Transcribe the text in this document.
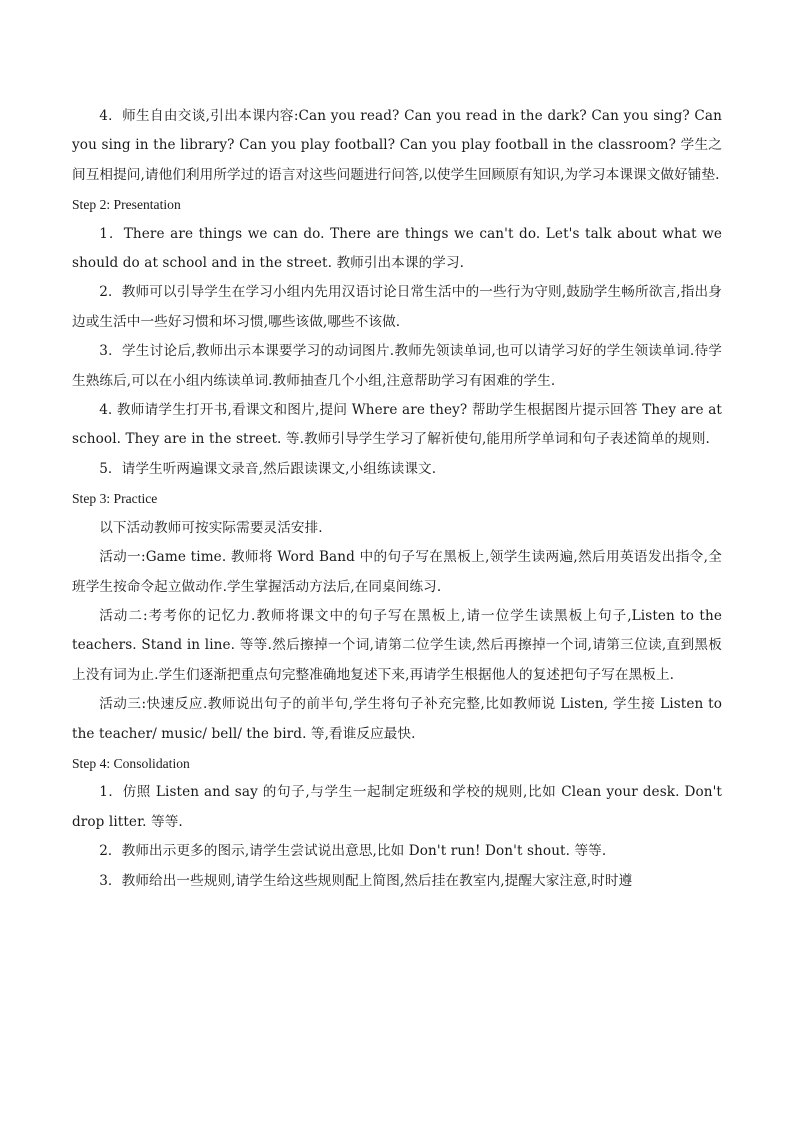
4．师生自由交谈,引出本课内容:Can you read? Can you read in the dark? Can you sing? Can you sing in the library? Can you play football? Can you play football in the classroom? 学生之间互相提问,请他们利用所学过的语言对这些问题进行问答,以使学生回顾原有知识,为学习本课课文做好铺垫.

Step 2: Presentation

1．There are things we can do. There are things we can't do. Let's talk about what we should do at school and in the street. 教师引出本课的学习.

2．教师可以引导学生在学习小组内先用汉语讨论日常生活中的一些行为守则,鼓励学生畅所欲言,指出身边或生活中一些好习惯和坏习惯,哪些该做,哪些不该做.

3．学生讨论后,教师出示本课要学习的动词图片.教师先领读单词,也可以请学习好的学生领读单词.待学生熟练后,可以在小组内练读单词.教师抽查几个小组,注意帮助学习有困难的学生.

4. 教师请学生打开书,看课文和图片,提问 Where are they? 帮助学生根据图片提示回答 They are at school. They are in the street. 等.教师引导学生学习了解祈使句,能用所学单词和句子表述简单的规则.

5．请学生听两遍课文录音,然后跟读课文,小组练读课文.

Step 3: Practice

以下活动教师可按实际需要灵活安排.

活动一:Game time. 教师将 Word Band 中的句子写在黑板上,领学生读两遍,然后用英语发出指令,全班学生按命令起立做动作.学生掌握活动方法后,在同桌间练习.

活动二:考考你的记忆力.教师将课文中的句子写在黑板上,请一位学生读黑板上句子,Listen to the teachers. Stand in line. 等等.然后擦掉一个词,请第二位学生读,然后再擦掉一个词,请第三位读,直到黑板上没有词为止.学生们逐渐把重点句完整准确地复述下来,再请学生根据他人的复述把句子写在黑板上.

活动三:快速反应.教师说出句子的前半句,学生将句子补充完整,比如教师说 Listen, 学生接 Listen to the teacher/ music/ bell/ the bird. 等,看谁反应最快.

Step 4: Consolidation

1．仿照 Listen and say 的句子,与学生一起制定班级和学校的规则,比如 Clean your desk. Don't drop litter. 等等.

2．教师出示更多的图示,请学生尝试说出意思,比如 Don't run! Don't shout. 等等.

3．教师给出一些规则,请学生给这些规则配上简图,然后挂在教室内,提醒大家注意,时时遵
